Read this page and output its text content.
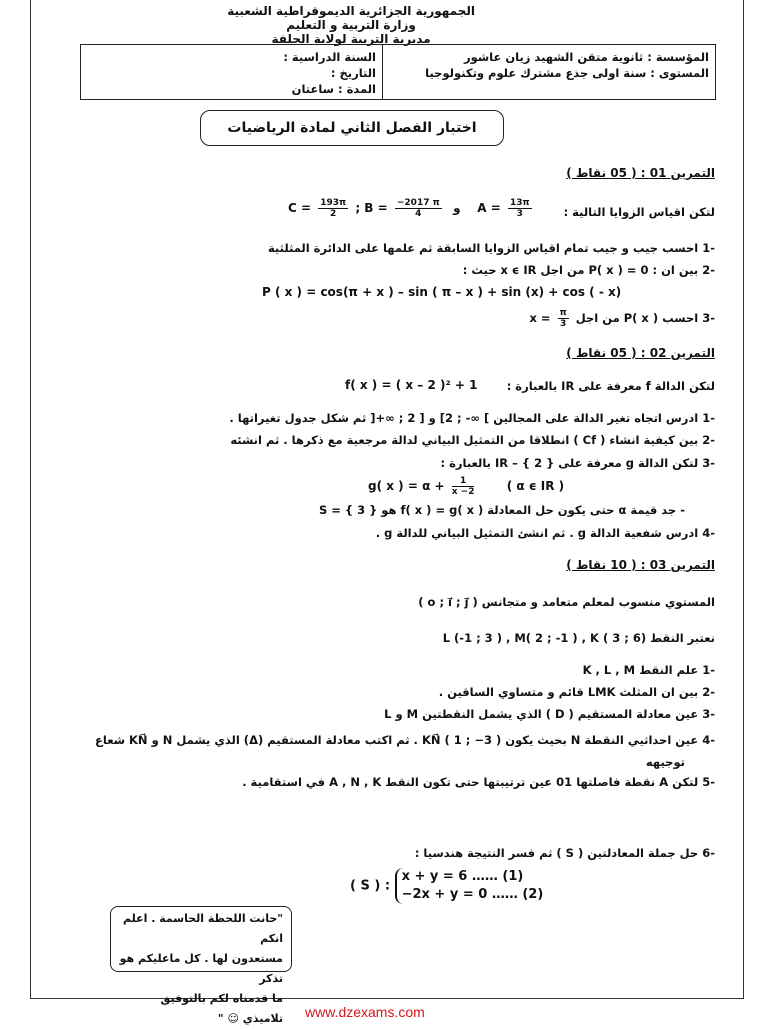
الجمهورية الجزائرية الديموقراطية الشعبية
وزارة التربية و التعليم
مديرية التربية لولاية الجلفة
المؤسسة : ثانوية متقن الشهيد زيان عاشور
المستوى : سنة اولى جذع مشترك علوم وتكنولوجيا
السنة الدراسية :
التاريخ :
المدة : ساعتان
اختبار الفصل الثاني لمادة الرياضيات
التمرين 01 : ( 05 نقاط )
لتكن اقياس الزوايا التالية :
$C = \frac{193\pi}{2}$ ; $B = \frac{-2017 \pi}{4}$ و $A = \frac{13\pi}{3}$
-1 احسب جيب و جيب تمام اقياس الزوايا السابقة ثم علمها على الدائرة المثلثية
-2 بين ان : P( x ) = 0 من اجل x ϵ IR حيث :
P ( x ) = cos(π + x ) – sin ( π – x ) + sin (x) + cos ( - x)
-3 احسب P( x ) من اجل $x = \frac{\pi}{3}$
التمرين 02 : ( 05 نقاط )
لتكن الدالة f معرفة على IR بالعبارة :
f( x ) = ( x – 2 )² + 1
-1 ادرس اتجاه تغير الدالة على المجالين ] ∞- ; 2] و [ 2 ; ∞+[ ثم شكل جدول تغيراتها .
-2 بين كيفية انشاء ( Cf ) انطلاقا من التمثيل البياني لدالة مرجعية مع ذكرها . ثم انشئه
-3 لتكن الدالة g معرفة على IR – { 2 } بالعبارة :
g( x ) = $\alpha + \frac{1}{x -2}$	( α ϵ IR )
- جد قيمة α حتى يكون حل المعادلة f( x ) = g( x ) هو S = { 3 }
-4 ادرس شفعية الدالة g . ثم انشئ التمثيل البياني للدالة g .
التمرين 03 : ( 10 نقاط )
المستوي منسوب لمعلم متعامد و متجانس ( o ; i⃗ ; j⃗ )
نعتبر النقط L (-1 ; 3 ) , M( 2 ; -1 ) , K ( 3 ; 6)
-1 علم النقط K , L , M
-2 بين ان المثلث LMK قائم و متساوي الساقين .
-3 عين معادلة المستقيم ( D ) الذي يشمل النقطتين M و L
-4 عين احداثيي النقطة N بحيث يكون KN⃗ ( 1 ; −3 ) . ثم اكتب معادلة المستقيم (Δ) الذي يشمل N و KN⃗ شعاع
توجيهه
-5 لتكن A نقطة فاصلتها 01 عين ترتيبتها حتى تكون النقط A , N , K في استقامية .
-6 حل جملة المعادلتين ( S ) ثم فسر النتيجة هندسيا :
( S ) :
x + y = 6 …… (1)
−2x + y = 0 …… (2)
"حانت اللحظة الحاسمة . اعلم انكم
مستعدون لها . كل ماعليكم هو تذكر
ما قدمناه لكم بالتوفيق تلاميذي ☺ " www.dzexams.com
